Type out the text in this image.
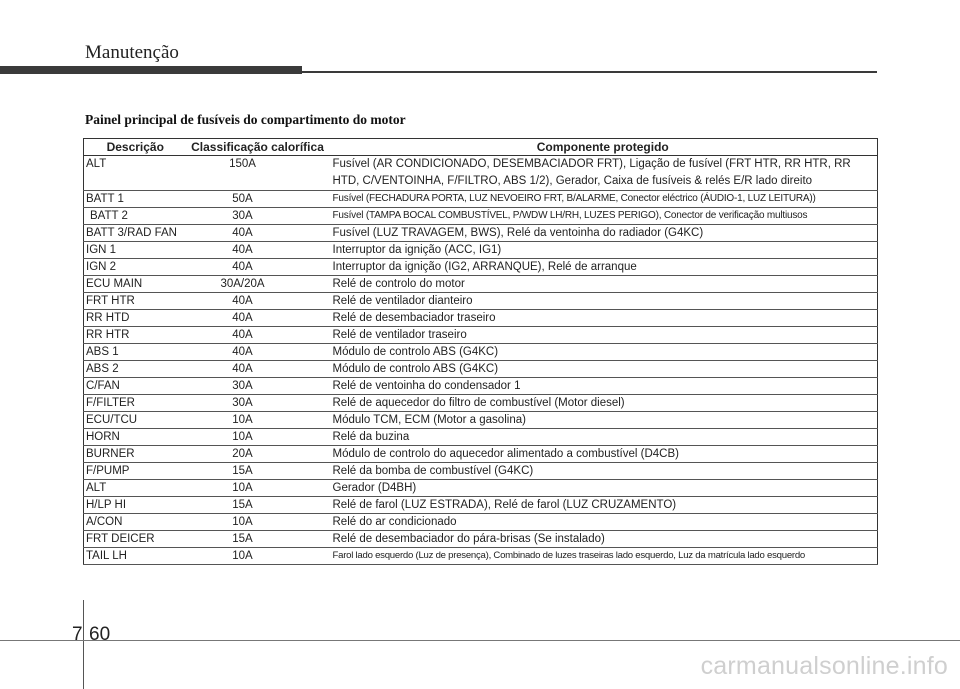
Manutenção
Painel principal de fusíveis do compartimento do motor
Descrição	Classificação calorífica	Componente protegido
ALT	150A	Fusível (AR CONDICIONADO, DESEMBACIADOR FRT), Ligação de fusível (FRT HTR, RR HTR, RR
HTD, C/VENTOINHA, F/FILTRO, ABS 1/2), Gerador, Caixa de fusíveis & relés E/R lado direito
BATT 1	50A	Fusível (FECHADURA PORTA, LUZ NEVOEIRO FRT, B/ALARME, Conector eléctrico (ÁUDIO-1, LUZ LEITURA))
BATT 2	30A	Fusível (TAMPA BOCAL COMBUSTÍVEL, P/WDW LH/RH, LUZES PERIGO), Conector de verificação multiusos
BATT 3/RAD FAN	40A	Fusível (LUZ TRAVAGEM, BWS), Relé da ventoinha do radiador (G4KC)
IGN 1	40A	Interruptor da ignição (ACC, IG1)
IGN 2	40A	Interruptor da ignição (IG2, ARRANQUE), Relé de arranque
ECU MAIN	30A/20A	Relé de controlo do motor
FRT HTR	40A	Relé de ventilador dianteiro
RR HTD	40A	Relé de desembaciador traseiro
RR HTR	40A	Relé de ventilador traseiro
ABS 1	40A	Módulo de controlo ABS (G4KC)
ABS 2	40A	Módulo de controlo ABS (G4KC)
C/FAN	30A	Relé de ventoinha do condensador 1
F/FILTER	30A	Relé de aquecedor do filtro de combustível (Motor diesel)
ECU/TCU	10A	Módulo TCM, ECM (Motor a gasolina)
HORN	10A	Relé da buzina
BURNER	20A	Módulo de controlo do aquecedor alimentado a combustível (D4CB)
F/PUMP	15A	Relé da bomba de combustível (G4KC)
ALT	10A	Gerador (D4BH)
H/LP HI	15A	Relé de farol (LUZ ESTRADA), Relé de farol (LUZ CRUZAMENTO)
A/CON	10A	Relé do ar condicionado
FRT DEICER	15A	Relé de desembaciador do pára-brisas (Se instalado)
TAIL LH	10A	Farol lado esquerdo (Luz de presença), Combinado de luzes traseiras lado esquerdo, Luz da matrícula lado esquerdo
7 60
carmanualsonline.info
